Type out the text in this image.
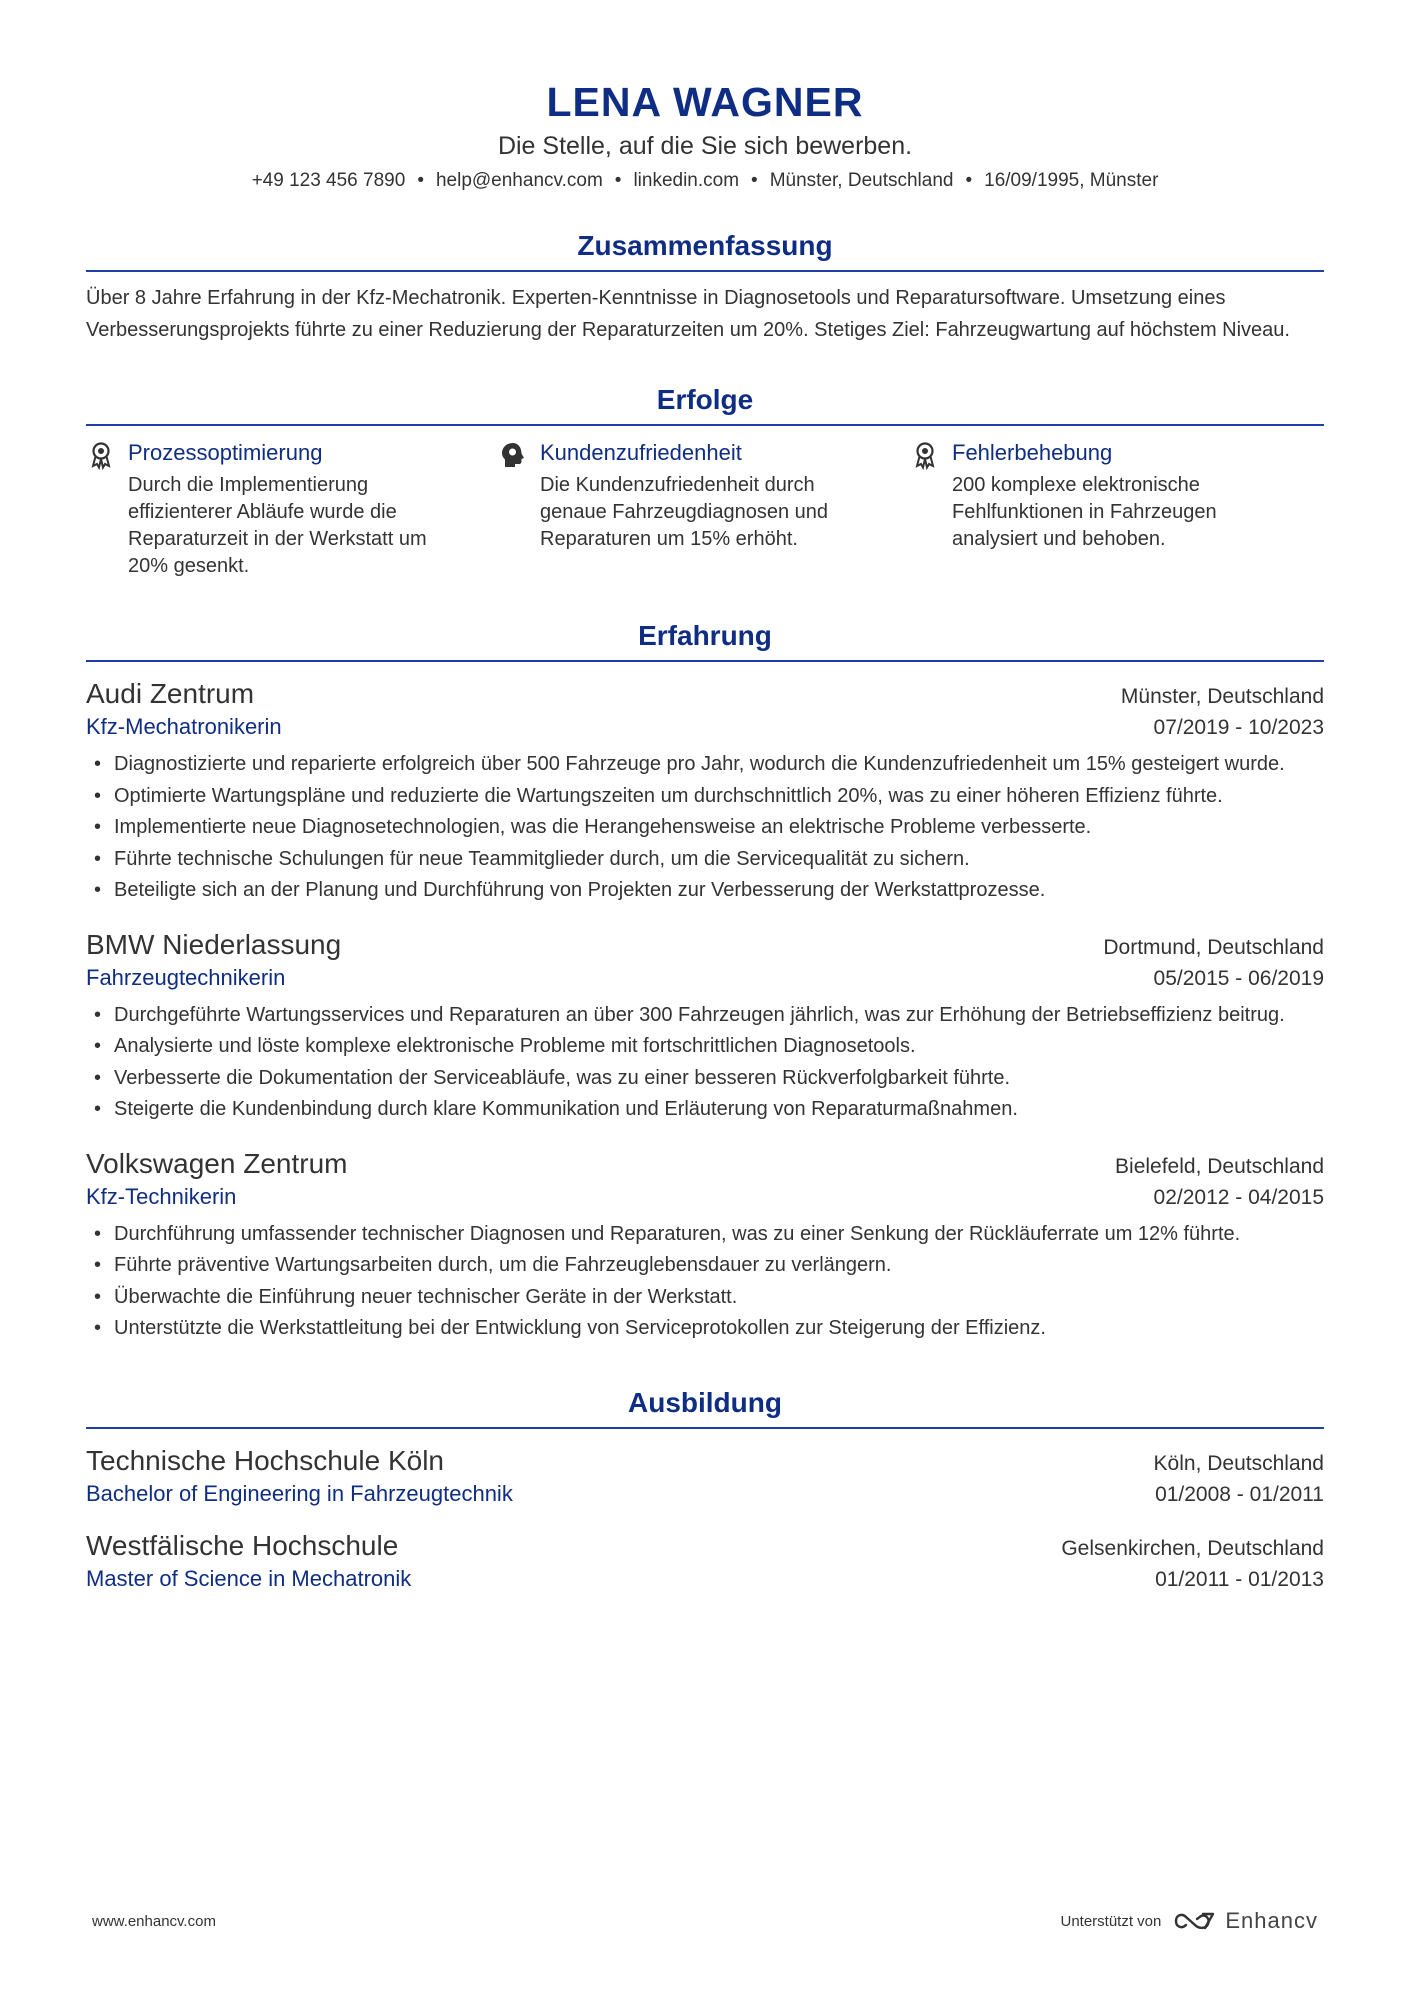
LENA WAGNER
Die Stelle, auf die Sie sich bewerben.
+49 123 456 7890 • help@enhancv.com • linkedin.com • Münster, Deutschland • 16/09/1995, Münster
Zusammenfassung
Über 8 Jahre Erfahrung in der Kfz-Mechatronik. Experten-Kenntnisse in Diagnosetools und Reparatursoftware. Umsetzung eines Verbesserungsprojekts führte zu einer Reduzierung der Reparaturzeiten um 20%. Stetiges Ziel: Fahrzeugwartung auf höchstem Niveau.
Erfolge
Prozessoptimierung
Durch die Implementierung effizienterer Abläufe wurde die Reparaturzeit in der Werkstatt um 20% gesenkt.
Kundenzufriedenheit
Die Kundenzufriedenheit durch genaue Fahrzeugdiagnosen und Reparaturen um 15% erhöht.
Fehlerbehebung
200 komplexe elektronische Fehlfunktionen in Fahrzeugen analysiert und behoben.
Erfahrung
Audi Zentrum	Münster, Deutschland
Kfz-Mechatronikerin	07/2019 - 10/2023
• Diagnostizierte und reparierte erfolgreich über 500 Fahrzeuge pro Jahr, wodurch die Kundenzufriedenheit um 15% gesteigert wurde.
• Optimierte Wartungspläne und reduzierte die Wartungszeiten um durchschnittlich 20%, was zu einer höheren Effizienz führte.
• Implementierte neue Diagnosetechnologien, was die Herangehensweise an elektrische Probleme verbesserte.
• Führte technische Schulungen für neue Teammitglieder durch, um die Servicequalität zu sichern.
• Beteiligte sich an der Planung und Durchführung von Projekten zur Verbesserung der Werkstattprozesse.
BMW Niederlassung	Dortmund, Deutschland
Fahrzeugtechnikerin	05/2015 - 06/2019
• Durchgeführte Wartungsservices und Reparaturen an über 300 Fahrzeugen jährlich, was zur Erhöhung der Betriebseffizienz beitrug.
• Analysierte und löste komplexe elektronische Probleme mit fortschrittlichen Diagnosetools.
• Verbesserte die Dokumentation der Serviceabläufe, was zu einer besseren Rückverfolgbarkeit führte.
• Steigerte die Kundenbindung durch klare Kommunikation und Erläuterung von Reparaturmaßnahmen.
Volkswagen Zentrum	Bielefeld, Deutschland
Kfz-Technikerin	02/2012 - 04/2015
• Durchführung umfassender technischer Diagnosen und Reparaturen, was zu einer Senkung der Rückläuferrate um 12% führte.
• Führte präventive Wartungsarbeiten durch, um die Fahrzeuglebensdauer zu verlängern.
• Überwachte die Einführung neuer technischer Geräte in der Werkstatt.
• Unterstützte die Werkstattleitung bei der Entwicklung von Serviceprotokollen zur Steigerung der Effizienz.
Ausbildung
Technische Hochschule Köln	Köln, Deutschland
Bachelor of Engineering in Fahrzeugtechnik	01/2008 - 01/2011
Westfälische Hochschule	Gelsenkirchen, Deutschland
Master of Science in Mechatronik	01/2011 - 01/2013
www.enhancv.com	Unterstützt von	Enhancv
